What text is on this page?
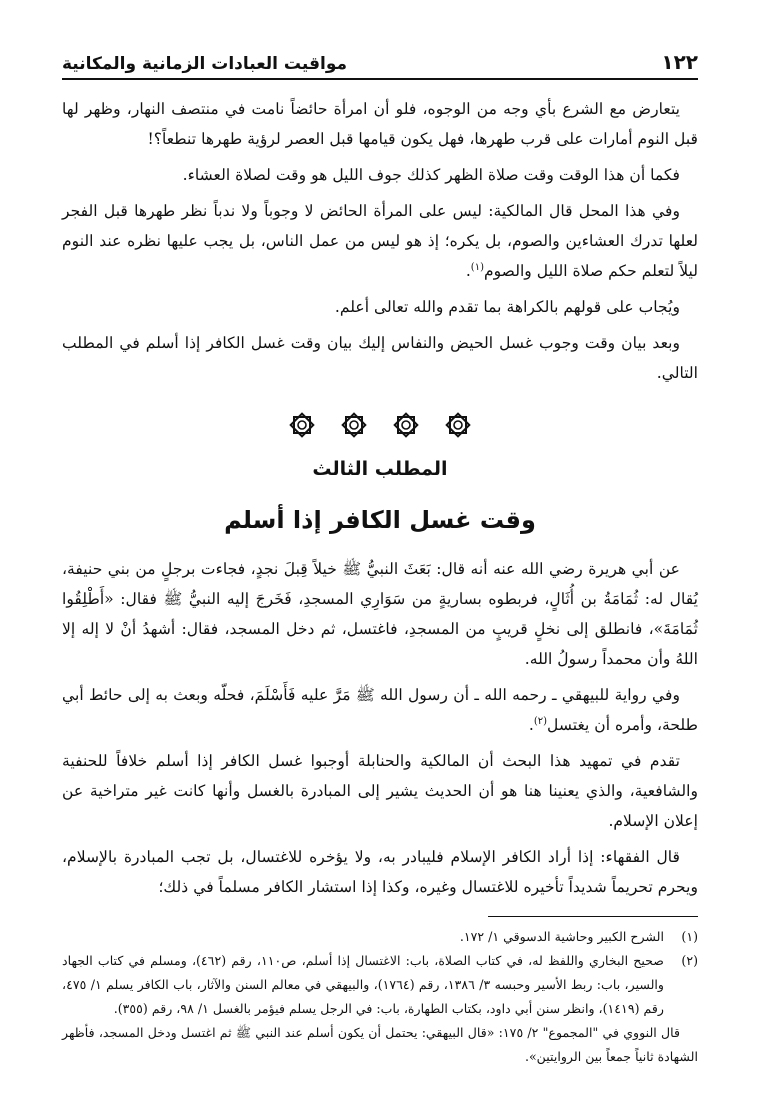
١٢٢
مواقيت العبادات الزمانية والمكانية

يتعارض مع الشرع بأي وجه من الوجوه، فلو أن امرأة حائضاً نامت في منتصف النهار، وظهر لها قبل النوم أمارات على قرب طهرها، فهل يكون قيامها قبل العصر لرؤية طهرها تنطعاً؟!

فكما أن هذا الوقت وقت صلاة الظهر كذلك جوف الليل هو وقت لصلاة العشاء.

وفي هذا المحل قال المالكية: ليس على المرأة الحائض لا وجوباً ولا ندباً نظر طهرها قبل الفجر لعلها تدرك العشاءين والصوم، بل يكره؛ إذ هو ليس من عمل الناس، بل يجب عليها نظره عند النوم ليلاً لتعلم حكم صلاة الليل والصوم$^{(١)}$.

ويُجاب على قولهم بالكراهة بما تقدم والله تعالى أعلم.

وبعد بيان وقت وجوب غسل الحيض والنفاس إليك بيان وقت غسل الكافر إذا أسلم في المطلب التالي.

المطلب الثالث
وقت غسل الكافر إذا أسلم

عن أبي هريرة رضي الله عنه أنه قال: بَعَثَ النبيُّ ﷺ خيلاً قِبلَ نجدٍ، فجاءت برجلٍ من بني حنيفة، يُقال له: ثُمَامَةُ بن أُثَالٍ، فربطوه بساريةٍ من سَوَارِي المسجدِ، فَخَرجَ إليه النبيُّ ﷺ فقال: «أَطْلِقُوا ثُمَامَةَ»، فانطلق إلى نخلٍ قريبٍ من المسجدِ، فاغتسل، ثم دخل المسجد، فقال: أشهدُ أنْ لا إله إلا اللهُ وأن محمداً رسولُ الله.

وفي رواية للبيهقي ـ رحمه الله ـ أن رسول الله ﷺ مَرَّ عليه فَأَسْلَمَ، فحلّه وبعث به إلى حائط أبي طلحة، وأمره أن يغتسل$^{(٢)}$.

تقدم في تمهيد هذا البحث أن المالكية والحنابلة أوجبوا غسل الكافر إذا أسلم خلافاً للحنفية والشافعية، والذي يعنينا هنا هو أن الحديث يشير إلى المبادرة بالغسل وأنها كانت غير متراخية عن إعلان الإسلام.

قال الفقهاء: إذا أراد الكافر الإسلام فليبادر به، ولا يؤخره للاغتسال، بل تجب المبادرة بالإسلام، ويحرم تحريماً شديداً تأخيره للاغتسال وغيره، وكذا إذا استشار الكافر مسلماً في ذلك؛

(١)
الشرح الكبير وحاشية الدسوقي ١/ ١٧٢.
(٢)
صحيح البخاري واللفظ له، في كتاب الصلاة، باب: الاغتسال إذا أسلم، ص١١٠، رقم (٤٦٢)، ومسلم في كتاب الجهاد والسير، باب: ربط الأسير وحبسه ٣/ ١٣٨٦، رقم (١٧٦٤)، والبيهقي في معالم السنن والآثار، باب الكافر يسلم ١/ ٤٧٥، رقم (١٤١٩)، وانظر سنن أبي داود، بكتاب الطهارة، باب: في الرجل يسلم فيؤمر بالغسل ١/ ٩٨، رقم (٣٥٥).

قال النووي في "المجموع" ٢/ ١٧٥: «قال البيهقي: يحتمل أن يكون أسلم عند النبي ﷺ ثم اغتسل ودخل المسجد، فأظهر الشهادة ثانياً جمعاً بين الروايتين».
